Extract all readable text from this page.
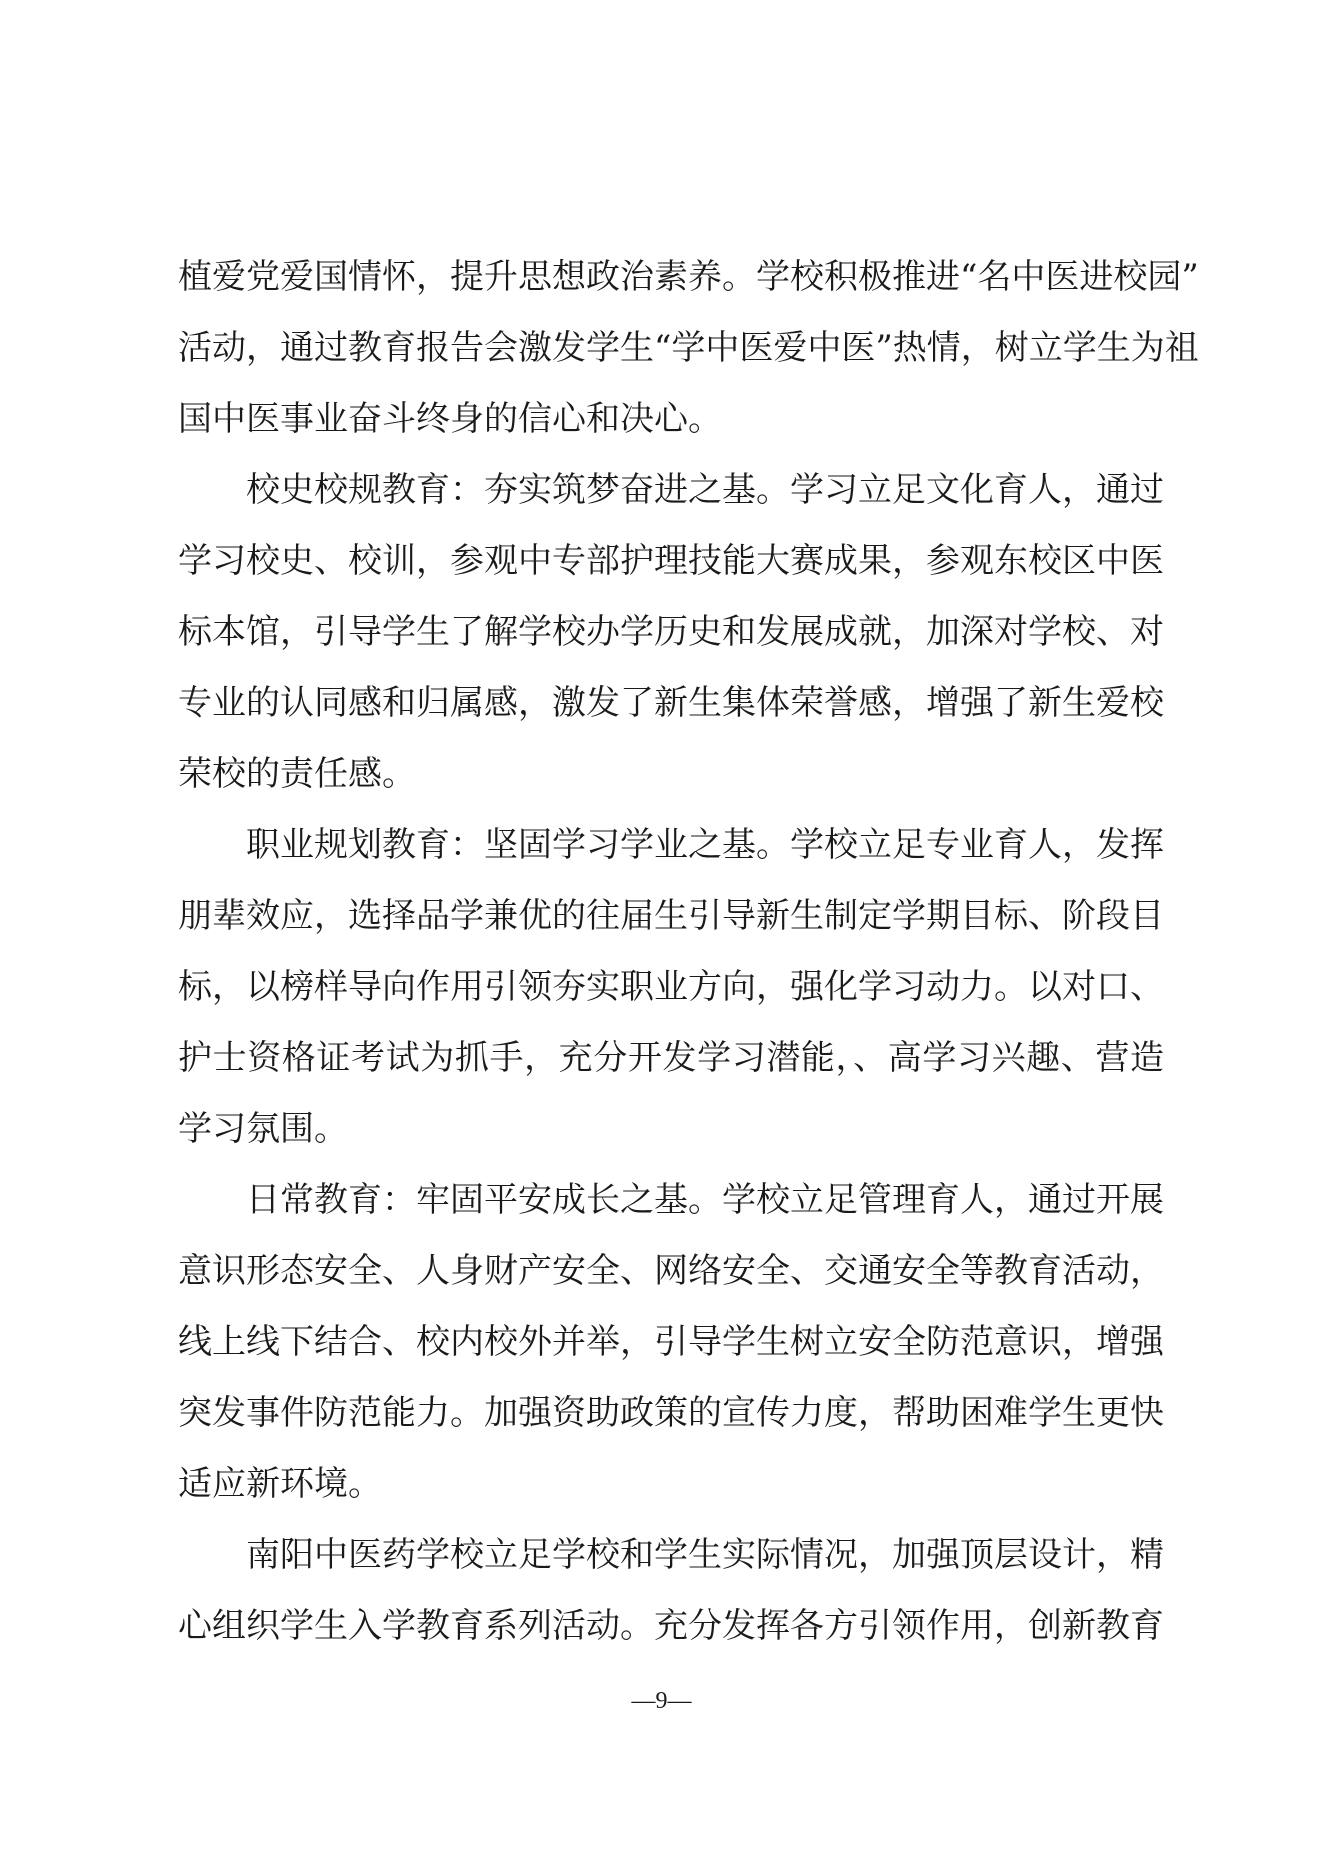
植爱党爱国情怀，提升思想政治素养。学校积极推进“名中医进校园”
活动，通过教育报告会激发学生“学中医爱中医”热情，树立学生为祖
国中医事业奋斗终身的信心和决心。
校史校规教育：夯实筑梦奋进之基。学习立足文化育人，通过
学习校史、校训，参观中专部护理技能大赛成果，参观东校区中医
标本馆，引导学生了解学校办学历史和发展成就，加深对学校、对
专业的认同感和归属感，激发了新生集体荣誉感，增强了新生爱校
荣校的责任感。
职业规划教育：坚固学习学业之基。学校立足专业育人，发挥
朋辈效应，选择品学兼优的往届生引导新生制定学期目标、阶段目
标，以榜样导向作用引领夯实职业方向，强化学习动力。以对口、
护士资格证考试为抓手，充分开发学习潜能，、高学习兴趣、营造
学习氛围。
日常教育：牢固平安成长之基。学校立足管理育人，通过开展
意识形态安全、人身财产安全、网络安全、交通安全等教育活动，
线上线下结合、校内校外并举，引导学生树立安全防范意识，增强
突发事件防范能力。加强资助政策的宣传力度，帮助困难学生更快
适应新环境。
南阳中医药学校立足学校和学生实际情况，加强顶层设计，精
心组织学生入学教育系列活动。充分发挥各方引领作用，创新教育
—9—
